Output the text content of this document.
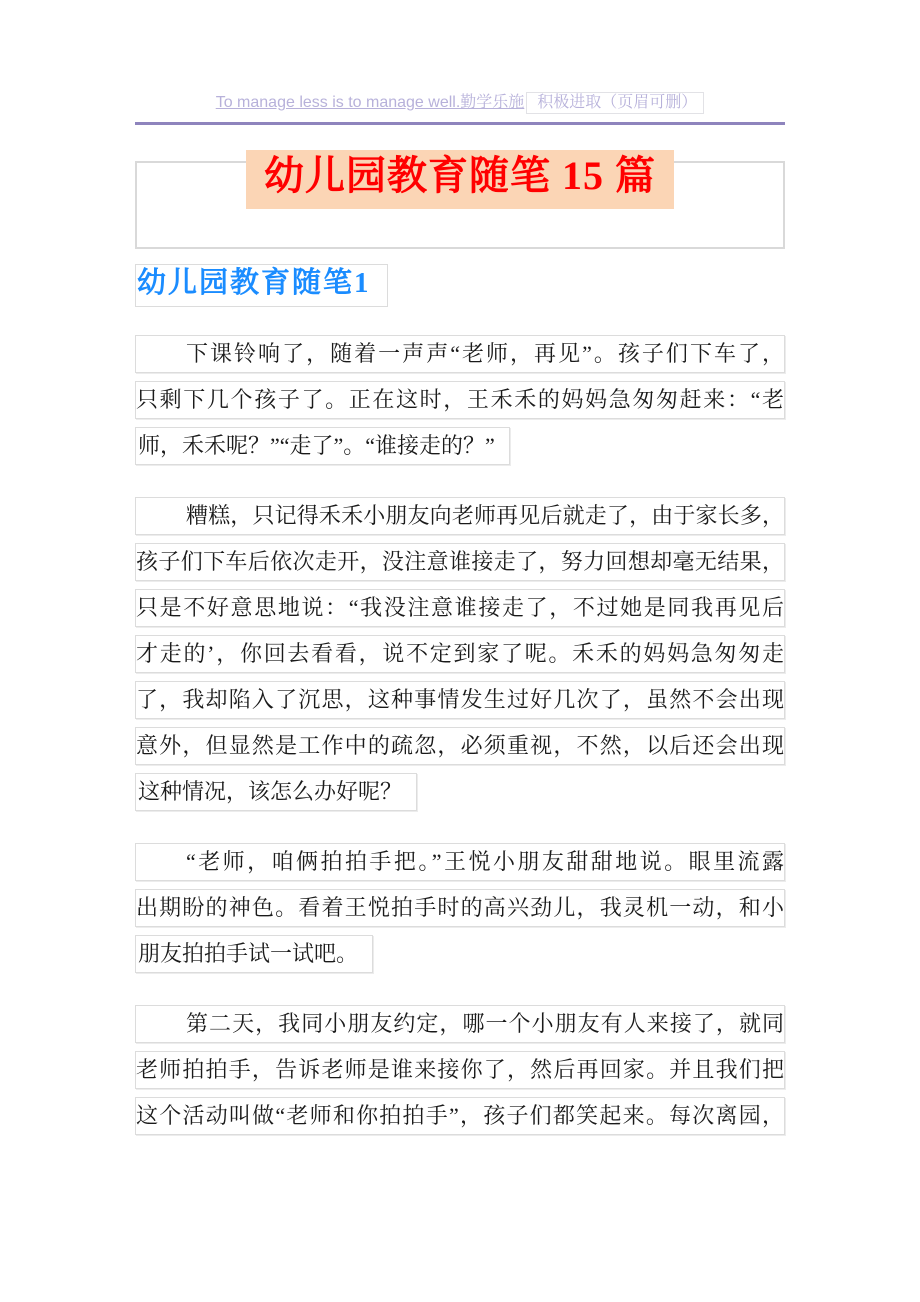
To manage less is to manage well.勤学乐施 积极进取（页眉可删）
幼儿园教育随笔 15 篇
幼儿园教育随笔1
下课铃响了，随着一声声“老师，再见”。孩子们下车了，
只剩下几个孩子了。正在这时，王禾禾的妈妈急匆匆赶来：“老
师，禾禾呢？”“走了”。“谁接走的？”
糟糕，只记得禾禾小朋友向老师再见后就走了，由于家长多，
孩子们下车后依次走开，没注意谁接走了，努力回想却毫无结果，
只是不好意思地说：“我没注意谁接走了，不过她是同我再见后
才走的’，你回去看看，说不定到家了呢。禾禾的妈妈急匆匆走
了，我却陷入了沉思，这种事情发生过好几次了，虽然不会出现
意外，但显然是工作中的疏忽，必须重视，不然，以后还会出现
这种情况，该怎么办好呢？
“老师，咱俩拍拍手把。”王悦小朋友甜甜地说。眼里流露
出期盼的神色。看着王悦拍手时的高兴劲儿，我灵机一动，和小
朋友拍拍手试一试吧。
第二天，我同小朋友约定，哪一个小朋友有人来接了，就同
老师拍拍手，告诉老师是谁来接你了，然后再回家。并且我们把
这个活动叫做“老师和你拍拍手”，孩子们都笑起来。每次离园，
